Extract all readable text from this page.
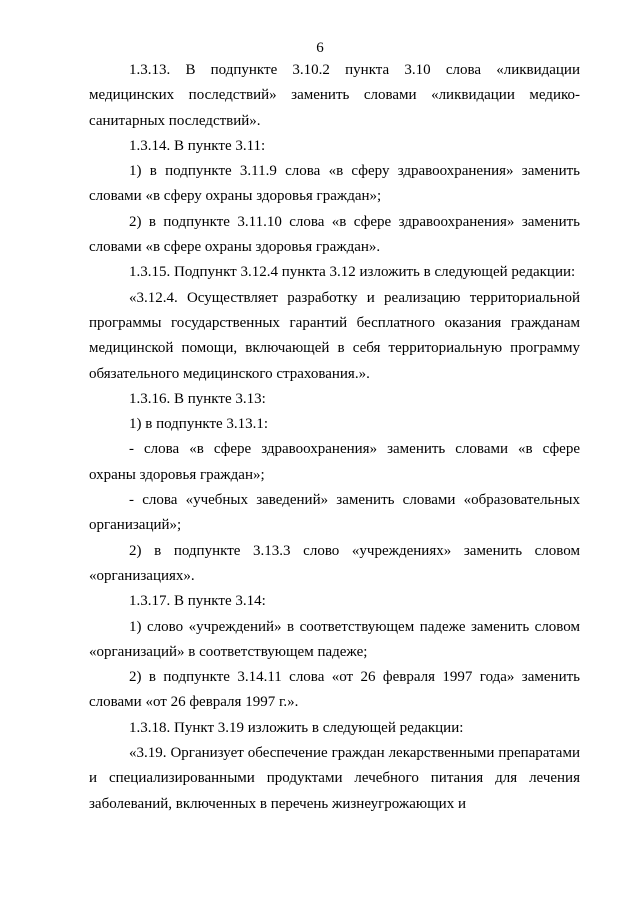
6

1.3.13. В подпункте 3.10.2 пункта 3.10 слова «ликвидации медицинских последствий» заменить словами «ликвидации медико-санитарных последствий».

1.3.14. В пункте 3.11:

1) в подпункте 3.11.9 слова «в сферу здравоохранения» заменить словами «в сферу охраны здоровья граждан»;

2) в подпункте 3.11.10 слова «в сфере здравоохранения» заменить словами «в сфере охраны здоровья граждан».

1.3.15. Подпункт 3.12.4 пункта 3.12 изложить в следующей редакции:

«3.12.4. Осуществляет разработку и реализацию территориальной программы государственных гарантий бесплатного оказания гражданам медицинской помощи, включающей в себя территориальную программу обязательного медицинского страхования.».

1.3.16. В пункте 3.13:

1) в подпункте 3.13.1:

- слова «в сфере здравоохранения» заменить словами «в сфере охраны здоровья граждан»;

- слова «учебных заведений» заменить словами «образовательных организаций»;

2) в подпункте 3.13.3 слово «учреждениях» заменить словом «организациях».

1.3.17. В пункте 3.14:

1) слово «учреждений» в соответствующем падеже заменить словом «организаций» в соответствующем падеже;

2) в подпункте 3.14.11 слова «от 26 февраля 1997 года» заменить словами «от 26 февраля 1997 г.».

1.3.18. Пункт 3.19 изложить в следующей редакции:

«3.19. Организует обеспечение граждан лекарственными препаратами и специализированными продуктами лечебного питания для лечения заболеваний, включенных в перечень жизнеугрожающих и
